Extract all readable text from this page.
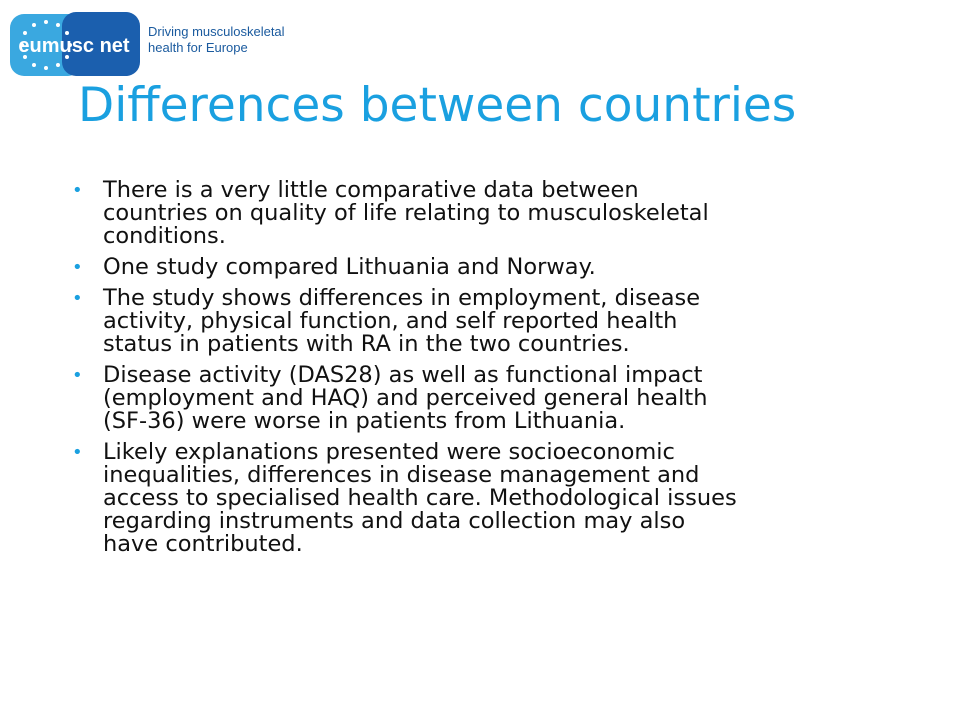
eumusc net
Driving musculoskeletal
health for Europe
Differences between countries
• There is a very little comparative data between
countries on quality of life relating to musculoskeletal
conditions.
• One study compared Lithuania and Norway.
• The study shows differences in employment, disease
activity, physical function, and self reported health
status in patients with RA in the two countries.
• Disease activity (DAS28) as well as functional impact
(employment and HAQ) and perceived general health
(SF-36) were worse in patients from Lithuania.
• Likely explanations presented were socioeconomic
inequalities, differences in disease management and
access to specialised health care. Methodological issues
regarding instruments and data collection may also
have contributed.
